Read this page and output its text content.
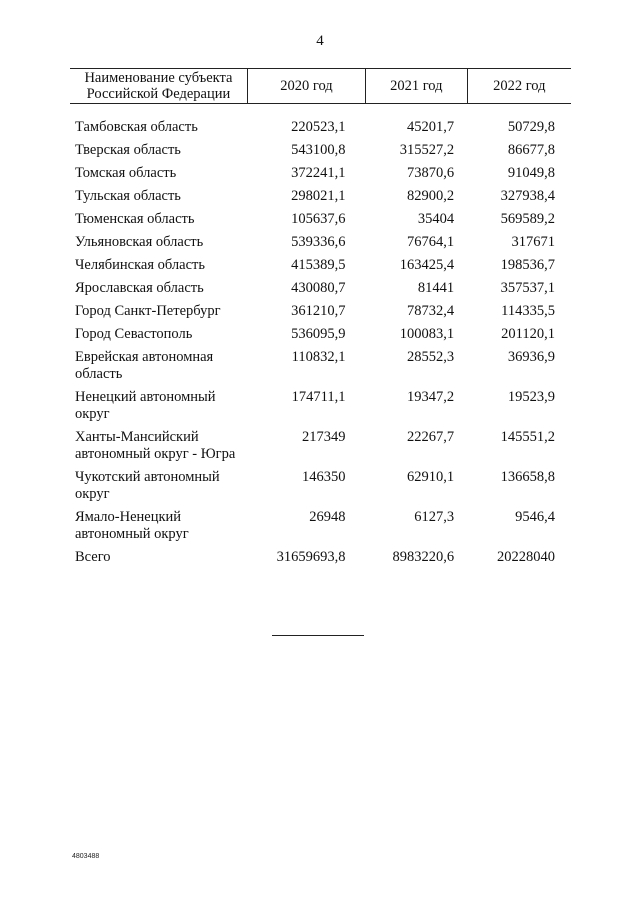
4
Наименование субъекта Российской Федерации	2020 год	2021 год	2022 год

Тамбовская область	220523,1	45201,7	50729,8
Тверская область	543100,8	315527,2	86677,8
Томская область	372241,1	73870,6	91049,8
Тульская область	298021,1	82900,2	327938,4
Тюменская область	105637,6	35404	569589,2
Ульяновская область	539336,6	76764,1	317671
Челябинская область	415389,5	163425,4	198536,7
Ярославская область	430080,7	81441	357537,1
Город Санкт-Петербург	361210,7	78732,4	114335,5
Город Севастополь	536095,9	100083,1	201120,1
Еврейская автономная область	110832,1	28552,3	36936,9
Ненецкий автономный округ	174711,1	19347,2	19523,9
Ханты-Мансийский автономный округ - Югра	217349	22267,7	145551,2
Чукотский автономный округ	146350	62910,1	136658,8
Ямало-Ненецкий автономный округ	26948	6127,3	9546,4
Всего	31659693,8	8983220,6	20228040
4803488
